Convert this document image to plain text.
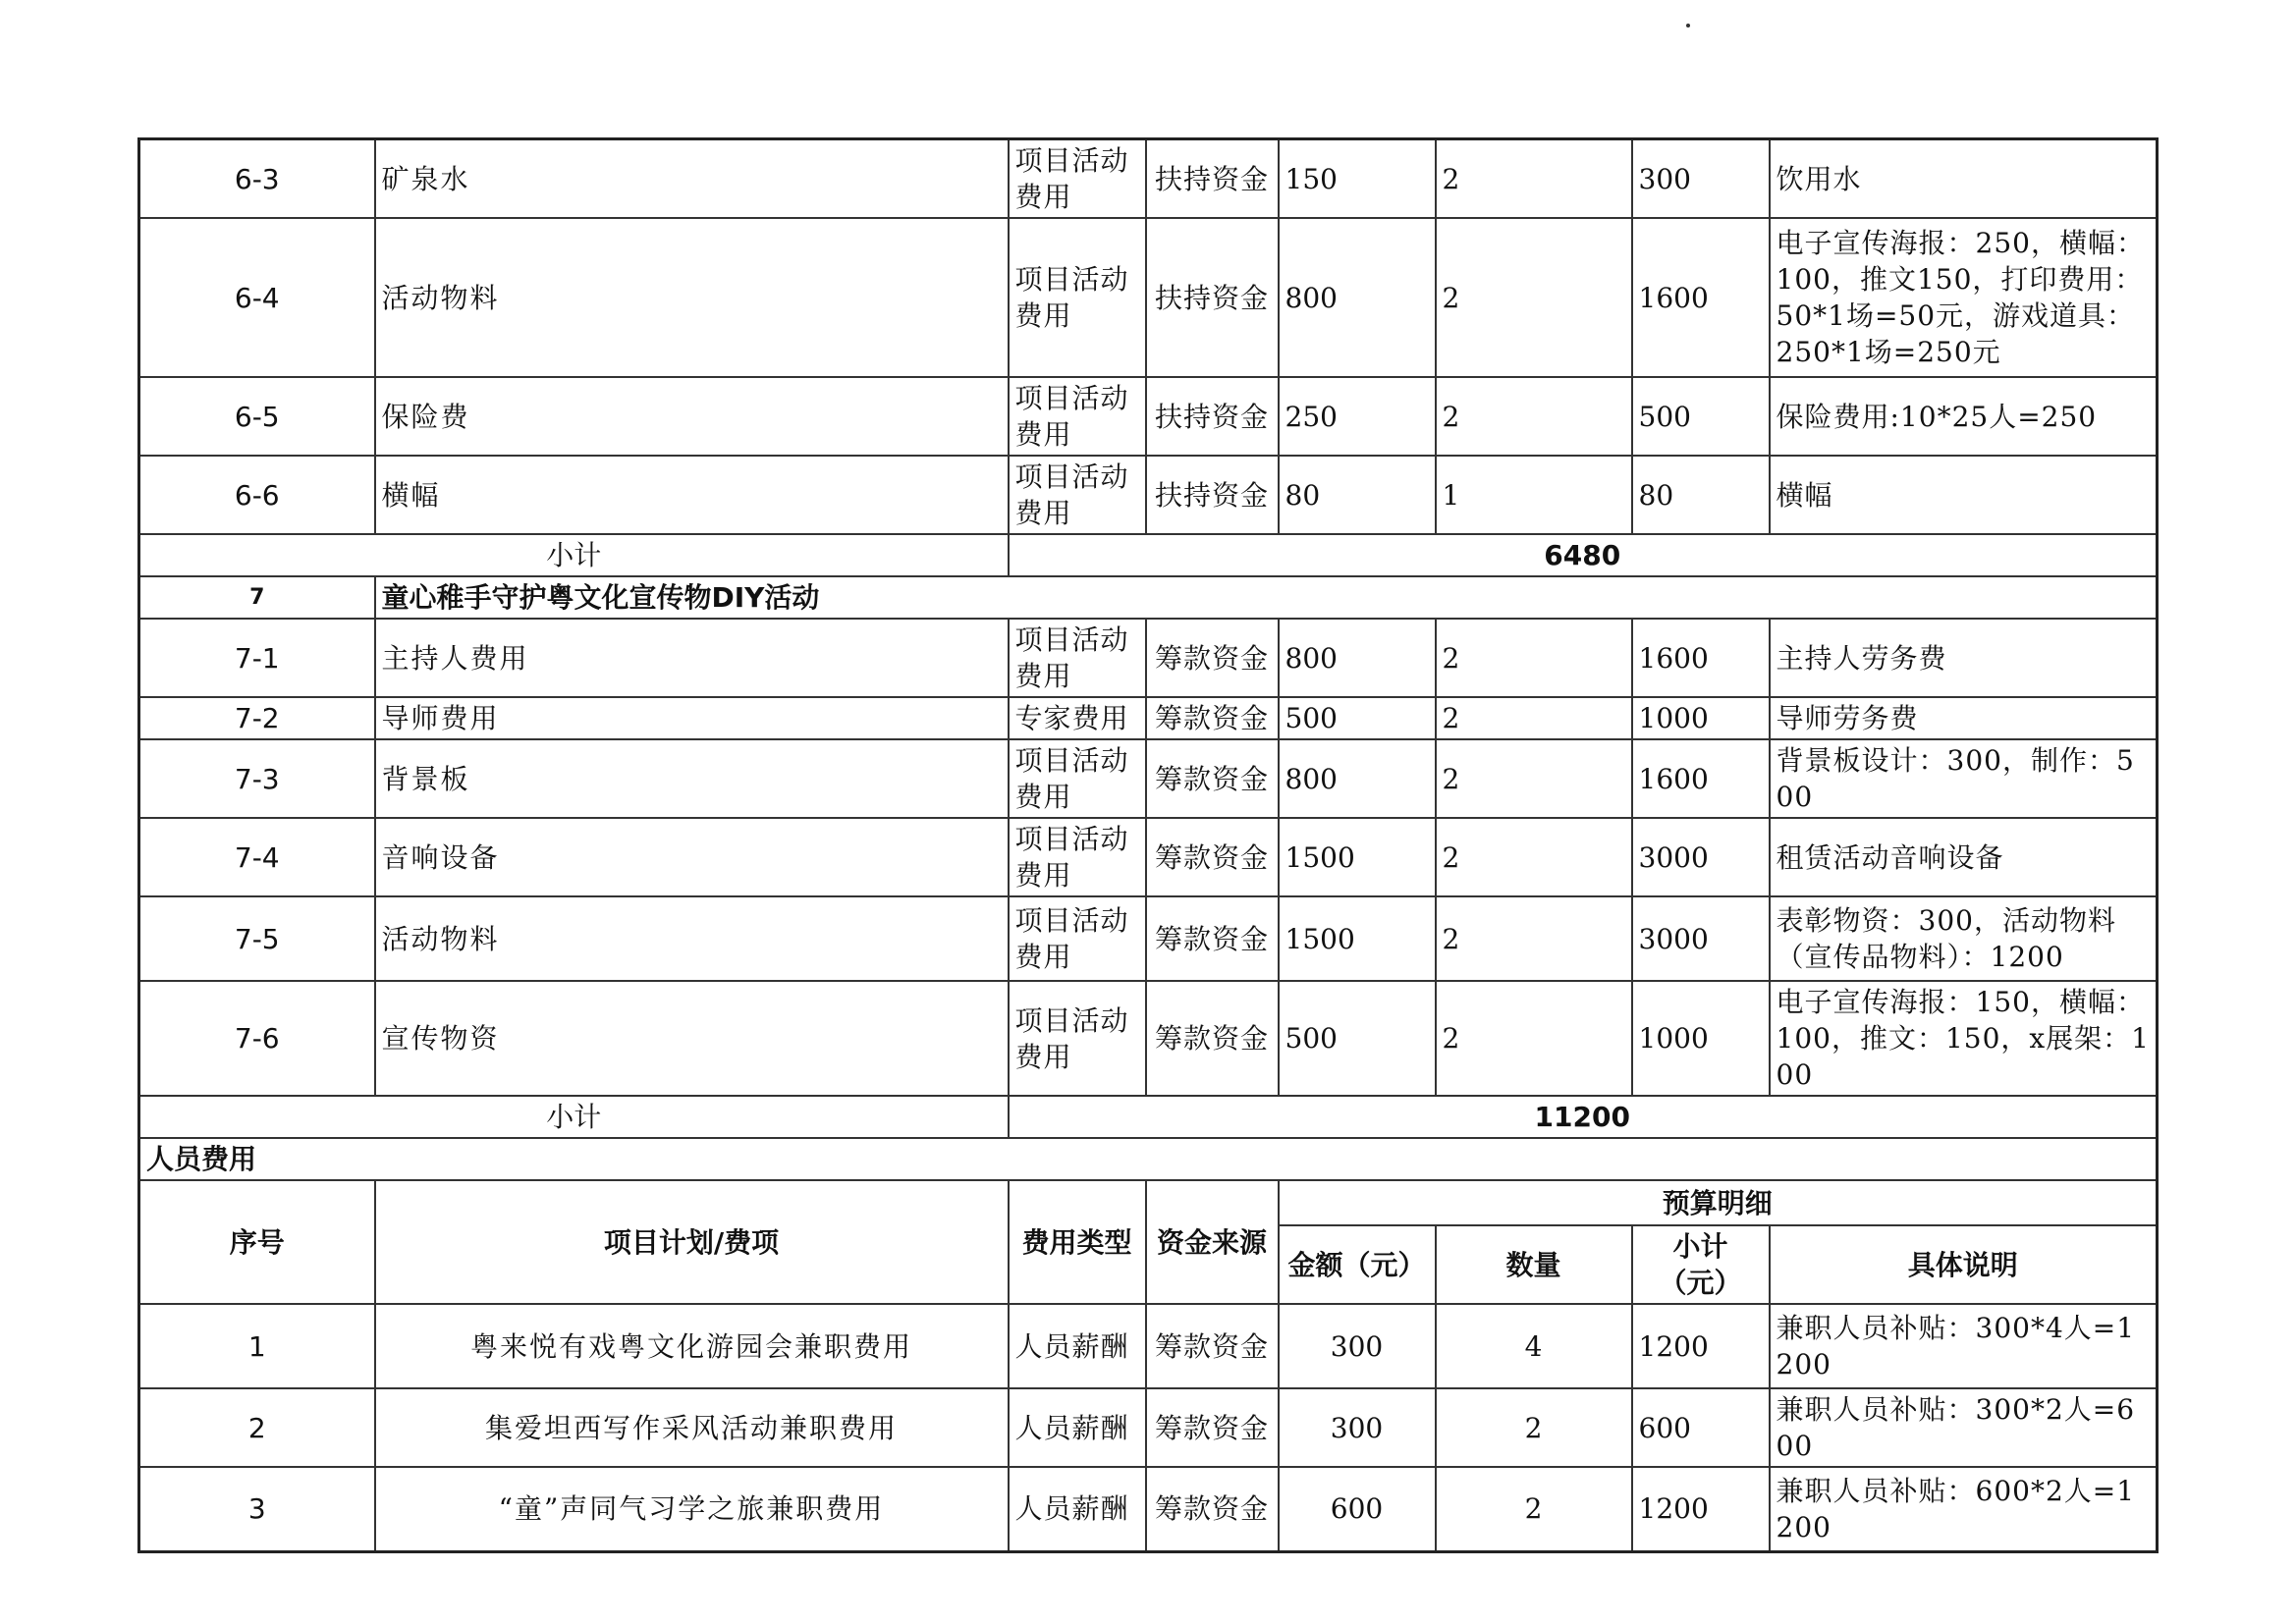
6-3	矿泉水	项目活动费用	扶持资金	150	2	300	饮用水
6-4	活动物料	项目活动费用	扶持资金	800	2	1600	电子宣传海报：250，横幅：100，推文150，打印费用：50*1场=50元，游戏道具：250*1场=250元
6-5	保险费	项目活动费用	扶持资金	250	2	500	保险费用:10*25人=250
6-6	横幅	项目活动费用	扶持资金	80	1	80	横幅
小计		6480					
7	童心稚手守护粤文化宣传物DIY活动						
7-1	主持人费用	项目活动费用	筹款资金	800	2	1600	主持人劳务费
7-2	导师费用	专家费用	筹款资金	500	2	1000	导师劳务费
7-3	背景板	项目活动费用	筹款资金	800	2	1600	背景板设计：300，制作：500
7-4	音响设备	项目活动费用	筹款资金	1500	2	3000	租赁活动音响设备
7-5	活动物料	项目活动费用	筹款资金	1500	2	3000	表彰物资：300，活动物料（宣传品物料）：1200
7-6	宣传物资	项目活动费用	筹款资金	500	2	1000	电子宣传海报：150，横幅：100，推文：150，x展架：100
小计		11200					
人员费用							
序号	项目计划/费项	费用类型	资金来源	预算明细			
				金额（元）	数量	小计（元）	具体说明
1	粤来悦有戏粤文化游园会兼职费用	人员薪酬	筹款资金	300	4	1200	兼职人员补贴：300*4人=1200
2	集爱坦西写作采风活动兼职费用	人员薪酬	筹款资金	300	2	600	兼职人员补贴：300*2人=600
3	“童”声同气习学之旅兼职费用	人员薪酬	筹款资金	600	2	1200	兼职人员补贴：600*2人=1200
